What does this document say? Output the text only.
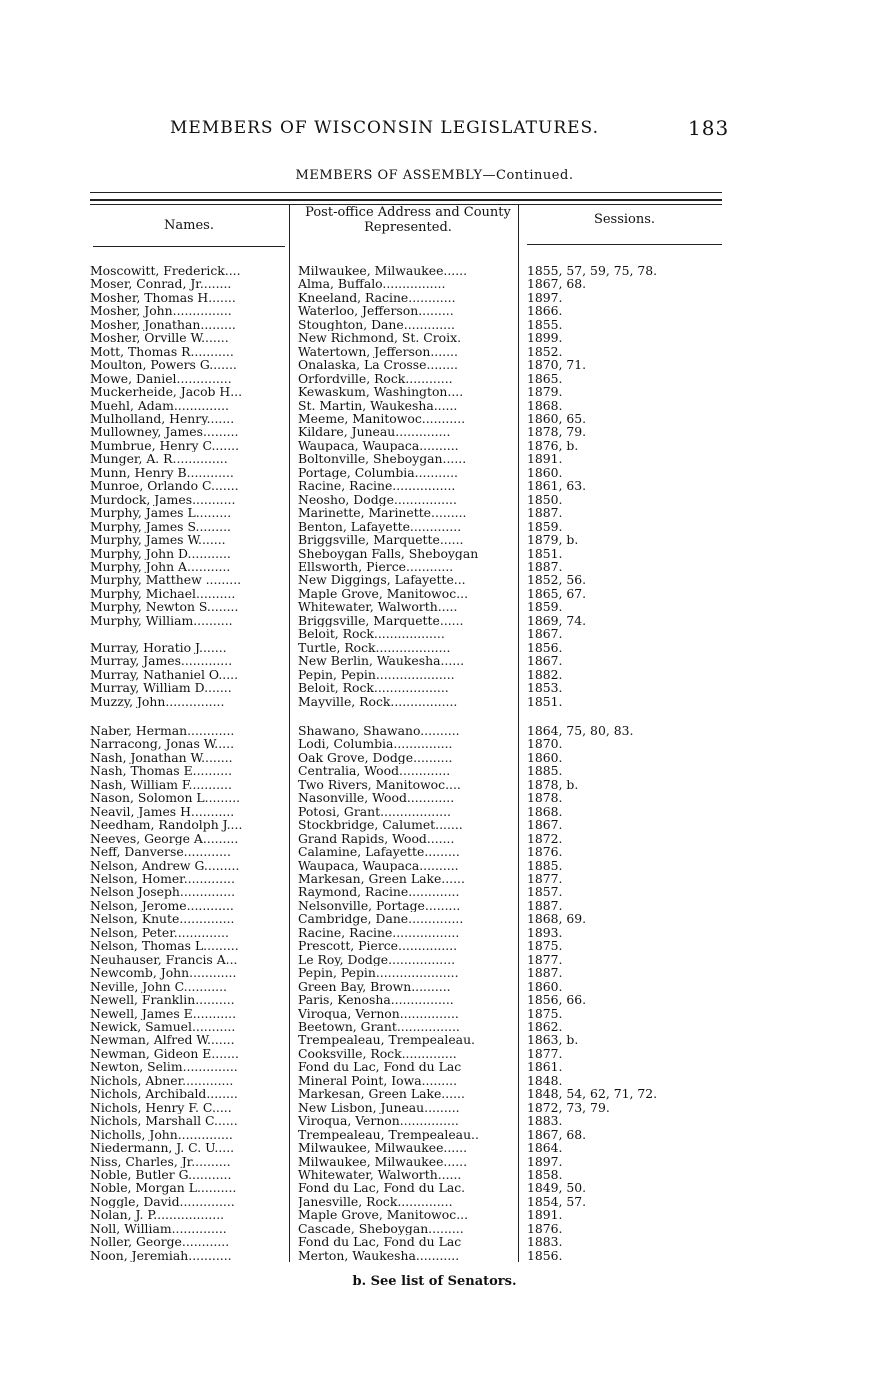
MEMBERS OF WISCONSIN LEGISLATURES.	183
MEMBERS OF ASSEMBLY—Continued.
Names.
Post-office Address and County Represented.
Sessions.
Moscowitt, Frederick....
Moser, Conrad, Jr........
Mosher, Thomas H.......
Mosher, John...............
Mosher, Jonathan.........
Mosher, Orville W.......
Mott, Thomas R...........
Moulton, Powers G.......
Mowe, Daniel..............
Muckerheide, Jacob H...
Muehl, Adam..............
Mulholland, Henry.......
Mullowney, James.........
Mumbrue, Henry C.......
Munger, A. R..............
Munn, Henry B............
Munroe, Orlando C.......
Murdock, James...........
Murphy, James L.........
Murphy, James S.........
Murphy, James W.......
Murphy, John D...........
Murphy, John A...........
Murphy, Matthew .........
Murphy, Michael..........
Murphy, Newton S........
Murphy, William..........
Murray, Horatio J.......
Murray, James.............
Murray, Nathaniel O.....
Murray, William D.......
Muzzy, John...............
Milwaukee, Milwaukee......
Alma, Buffalo................
Kneeland, Racine............
Waterloo, Jefferson.........
Stoughton, Dane.............
New Richmond, St. Croix.
Watertown, Jefferson.......
Onalaska, La Crosse........
Orfordville, Rock............
Kewaskum, Washington....
St. Martin, Waukesha......
Meeme, Manitowoc...........
Kildare, Juneau..............
Waupaca, Waupaca..........
Boltonville, Sheboygan......
Portage, Columbia...........
Racine, Racine................
Neosho, Dodge................
Marinette, Marinette.........
Benton, Lafayette.............
Briggsville, Marquette......
Sheboygan Falls, Sheboygan
Ellsworth, Pierce............
New Diggings, Lafayette...
Maple Grove, Manitowoc...
Whitewater, Walworth.....
Briggsville, Marquette......
Beloit, Rock..................
Turtle, Rock...................
New Berlin, Waukesha......
Pepin, Pepin....................
Beloit, Rock...................
Mayville, Rock.................
1855, 57, 59, 75, 78.
1867, 68.
1897.
1866.
1855.
1899.
1852.
1870, 71.
1865.
1879.
1868.
1860, 65.
1878, 79.
1876, b.
1891.
1860.
1861, 63.
1850.
1887.
1859.
1879, b.
1851.
1887.
1852, 56.
1865, 67.
1859.
1869, 74.
1867.
1856.
1867.
1882.
1853.
1851.
Naber, Herman............
Narracong, Jonas W.....
Nash, Jonathan W........
Nash, Thomas E..........
Nash, William F...........
Nason, Solomon L.........
Neavil, James H...........
Needham, Randolph J....
Neeves, George A.........
Neff, Danverse............
Nelson, Andrew G.........
Nelson, Homer.............
Nelson Joseph..............
Nelson, Jerome............
Nelson, Knute..............
Nelson, Peter..............
Nelson, Thomas L.........
Neuhauser, Francis A...
Newcomb, John............
Neville, John C...........
Newell, Franklin..........
Newell, James E...........
Newick, Samuel...........
Newman, Alfred W.......
Newman, Gideon E.......
Newton, Selim..............
Nichols, Abner.............
Nichols, Archibald........
Nichols, Henry F. C.....
Nichols, Marshall C......
Nicholls, John..............
Niedermann, J. C. U.....
Niss, Charles, Jr..........
Noble, Butler G...........
Noble, Morgan L..........
Noggle, David..............
Nolan, J. P..................
Noll, William..............
Noller, George............
Noon, Jeremiah...........
Shawano, Shawano..........
Lodi, Columbia...............
Oak Grove, Dodge..........
Centralia, Wood.............
Two Rivers, Manitowoc....
Nasonville, Wood............
Potosi, Grant..................
Stockbridge, Calumet.......
Grand Rapids, Wood.......
Calamine, Lafayette.........
Waupaca, Waupaca..........
Markesan, Green Lake......
Raymond, Racine.............
Nelsonville, Portage.........
Cambridge, Dane..............
Racine, Racine.................
Prescott, Pierce...............
Le Roy, Dodge.................
Pepin, Pepin.....................
Green Bay, Brown..........
Paris, Kenosha................
Viroqua, Vernon...............
Beetown, Grant................
Trempealeau, Trempealeau.
Cooksville, Rock..............
Fond du Lac, Fond du Lac
Mineral Point, Iowa.........
Markesan, Green Lake......
New Lisbon, Juneau.........
Viroqua, Vernon...............
Trempealeau, Trempealeau..
Milwaukee, Milwaukee......
Milwaukee, Milwaukee......
Whitewater, Walworth......
Fond du Lac, Fond du Lac.
Janesville, Rock..............
Maple Grove, Manitowoc...
Cascade, Sheboygan.........
Fond du Lac, Fond du Lac
Merton, Waukesha...........
1864, 75, 80, 83.
1870.
1860.
1885.
1878, b.
1878.
1868.
1867.
1872.
1876.
1885.
1877.
1857.
1887.
1868, 69.
1893.
1875.
1877.
1887.
1860.
1856, 66.
1875.
1862.
1863, b.
1877.
1861.
1848.
1848, 54, 62, 71, 72.
1872, 73, 79.
1883.
1867, 68.
1864.
1897.
1858.
1849, 50.
1854, 57.
1891.
1876.
1883.
1856.
b. See list of Senators.
